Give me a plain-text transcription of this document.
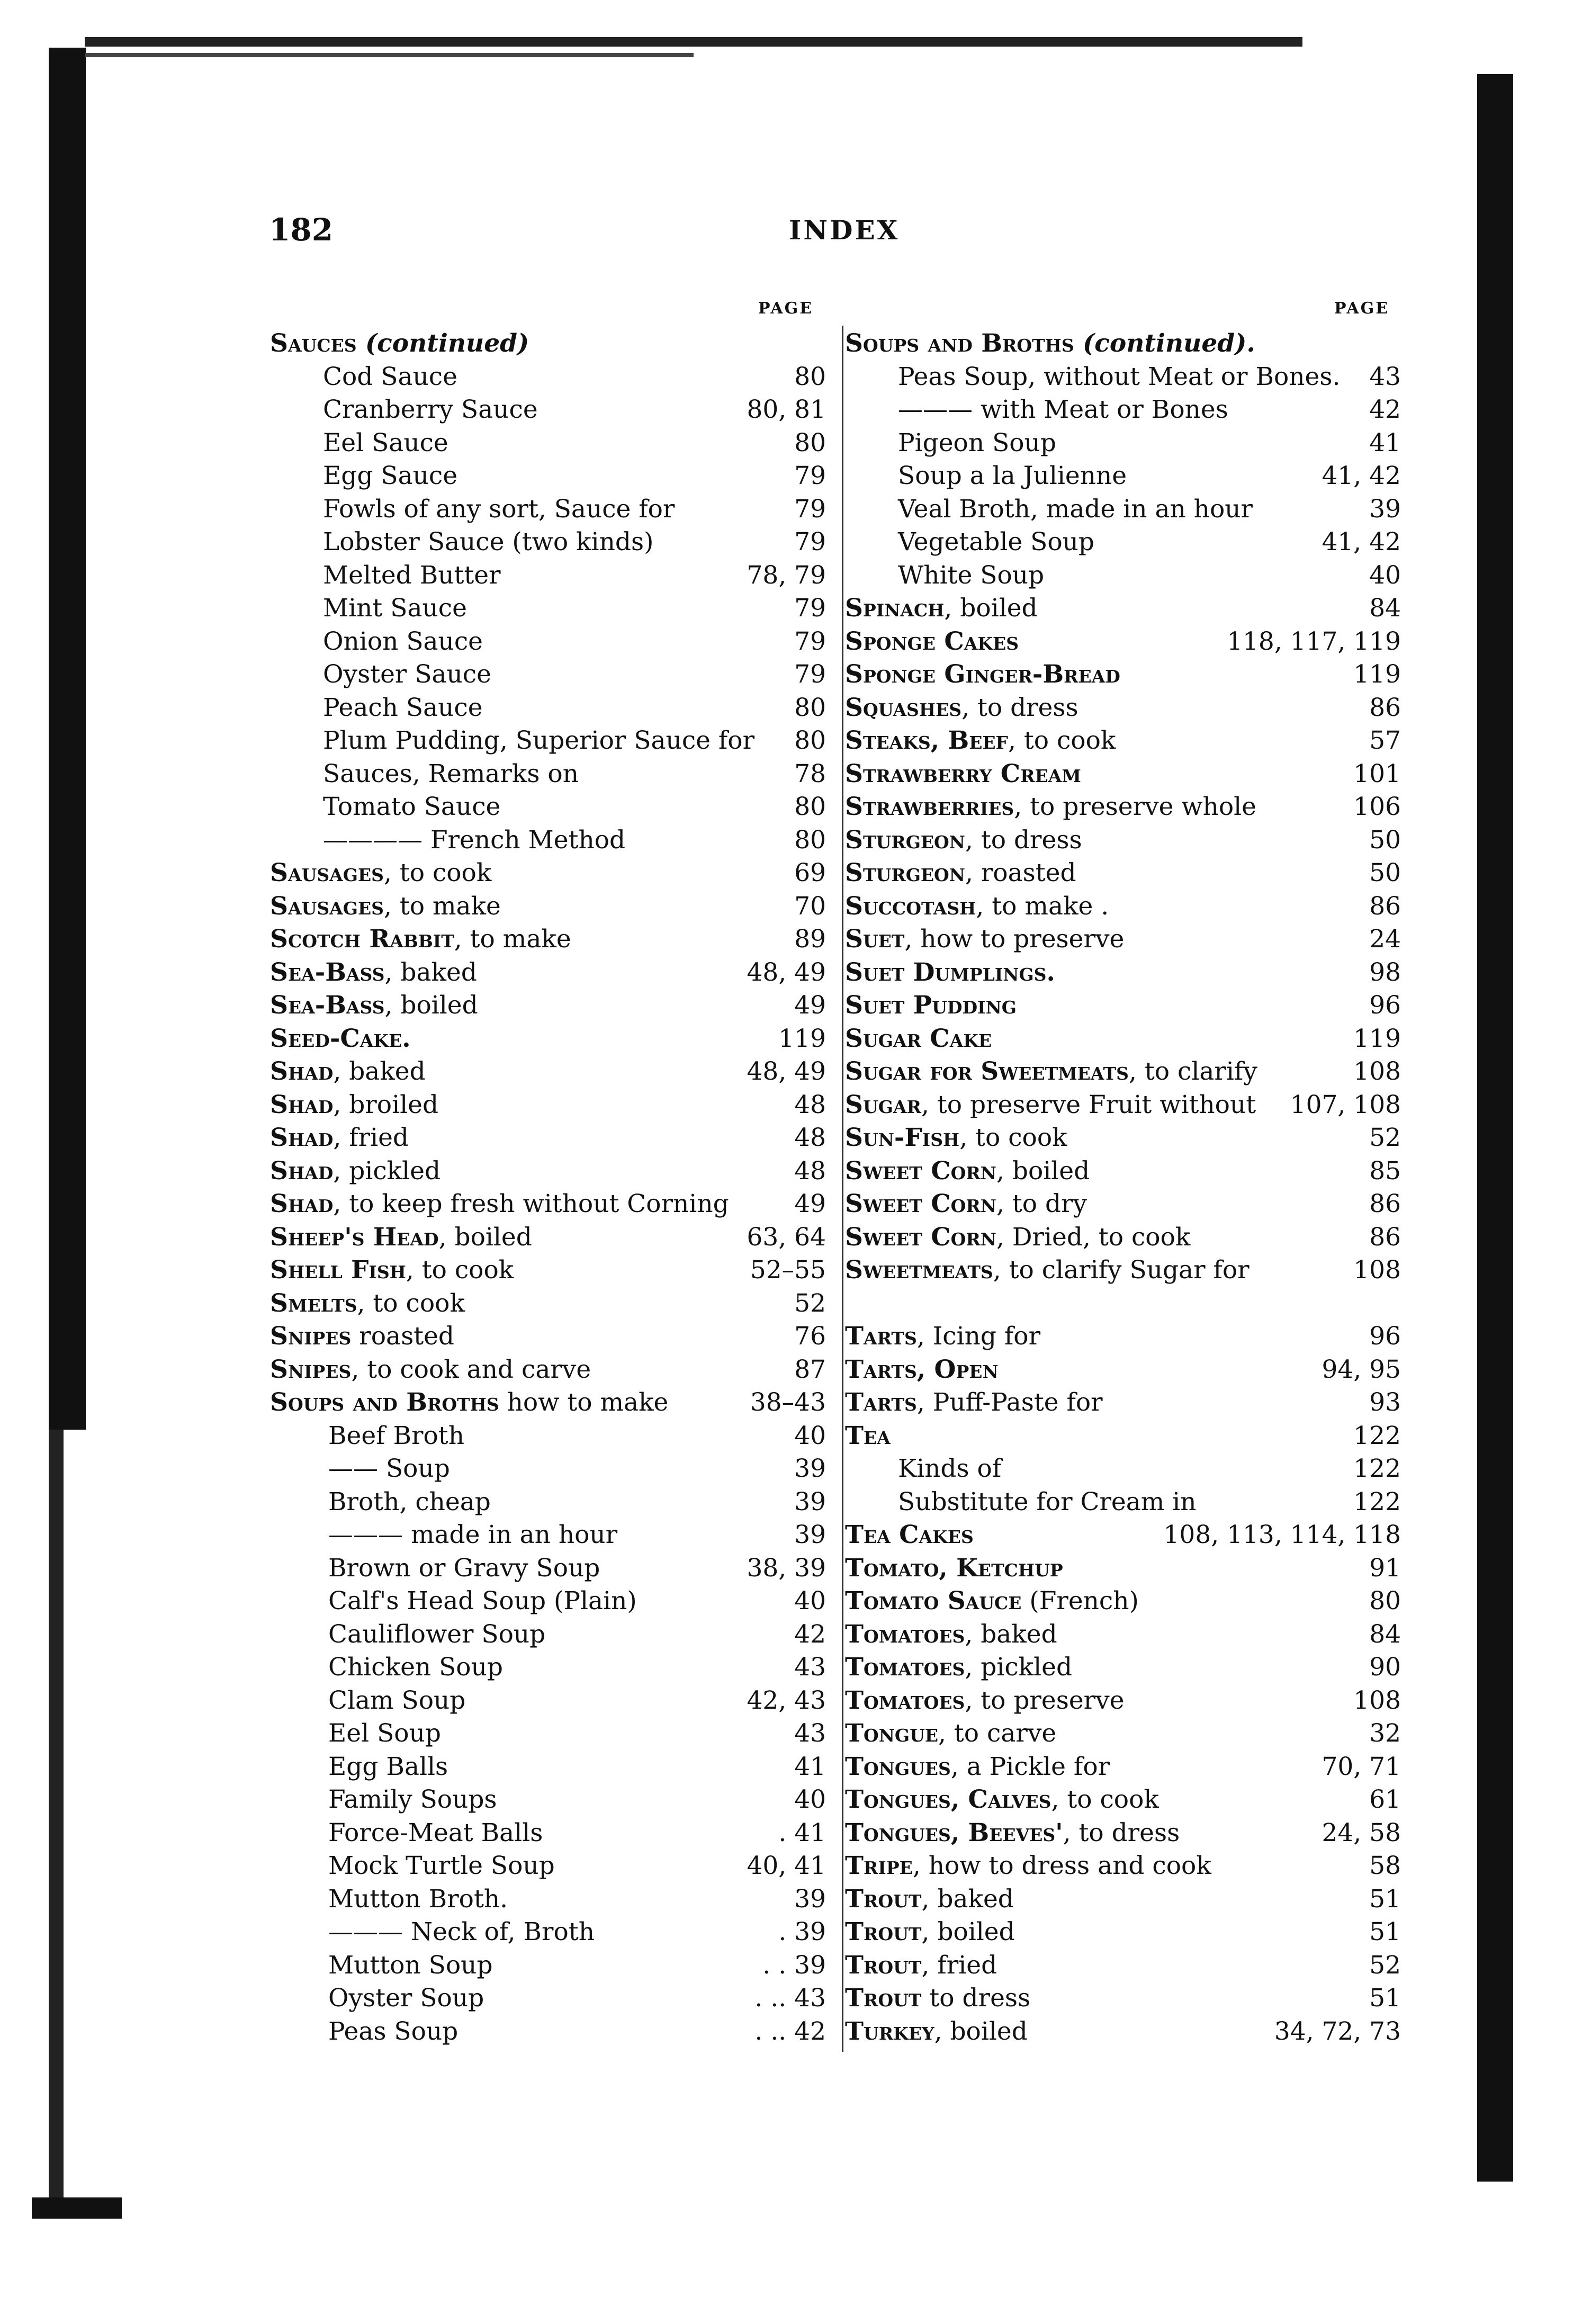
182	INDEX
PAGE	PAGE
Sauces (continued)
Cod Sauce	80
Cranberry Sauce	80, 81
Eel Sauce	80
Egg Sauce	79
Fowls of any sort, Sauce for	79
Lobster Sauce (two kinds)	79
Melted Butter	78, 79
Mint Sauce	79
Onion Sauce	79
Oyster Sauce	79
Peach Sauce	80
Plum Pudding, Superior Sauce for 80
Sauces, Remarks on	78
Tomato Sauce	80
———— French Method	80
Sausages, to cook	69
Sausages, to make	70
Scotch Rabbit, to make	89
Sea-Bass, baked	48, 49
Sea-Bass, boiled	49
Seed-Cake.	119
Shad, baked	48, 49
Shad, broiled	48
Shad, fried	48
Shad, pickled	48
Shad, to keep fresh without Corning	49
Sheep's Head, boiled	63, 64
Shell Fish, to cook	52–55
Smelts, to cook	52
Snipes roasted	76
Snipes, to cook and carve	87
Soups and Broths how to make	38–43
Beef Broth	40
—— Soup	39
Broth, cheap	39
——— made in an hour	39
Brown or Gravy Soup	38, 39
Calf's Head Soup (Plain)	40
Cauliflower Soup	42
Chicken Soup	43
Clam Soup	42, 43
Eel Soup	43
Egg Balls	41
Family Soups	40
Force-Meat Balls	. 41
Mock Turtle Soup	40, 41
Mutton Broth.	39
——— Neck of, Broth	. 39
Mutton Soup	. . 39
Oyster Soup	. .. 43
Peas Soup	. .. 42
Soups and Broths (continued).
Peas Soup, without Meat or Bones. 43
——— with Meat or Bones	42
Pigeon Soup	41
Soup a la Julienne	41, 42
Veal Broth, made in an hour	39
Vegetable Soup	41, 42
White Soup	40
Spinach, boiled	84
Sponge Cakes	118, 117, 119
Sponge Ginger-Bread	119
Squashes, to dress	86
Steaks, Beef, to cook	57
Strawberry Cream	101
Strawberries, to preserve whole	106
Sturgeon, to dress	50
Sturgeon, roasted	50
Succotash, to make .	86
Suet, how to preserve	24
Suet Dumplings.	98
Suet Pudding	96
Sugar Cake	119
Sugar for Sweetmeats, to clarify	108
Sugar, to preserve Fruit without 107, 108
Sun-Fish, to cook	52
Sweet Corn, boiled	85
Sweet Corn, to dry	86
Sweet Corn, Dried, to cook	86
Sweetmeats, to clarify Sugar for	108
Tarts, Icing for	96
Tarts, Open	94, 95
Tarts, Puff-Paste for	93
Tea	122
Kinds of	122
Substitute for Cream in	122
Tea Cakes	108, 113, 114, 118
Tomato, Ketchup	91
Tomato Sauce (French)	80
Tomatoes, baked	84
Tomatoes, pickled	90
Tomatoes, to preserve	108
Tongue, to carve	32
Tongues, a Pickle for	70, 71
Tongues, Calves, to cook	61
Tongues, Beeves', to dress	24, 58
Tripe, how to dress and cook	58
Trout, baked	51
Trout, boiled	51
Trout, fried	52
Trout to dress	51
Turkey, boiled	34, 72, 73
